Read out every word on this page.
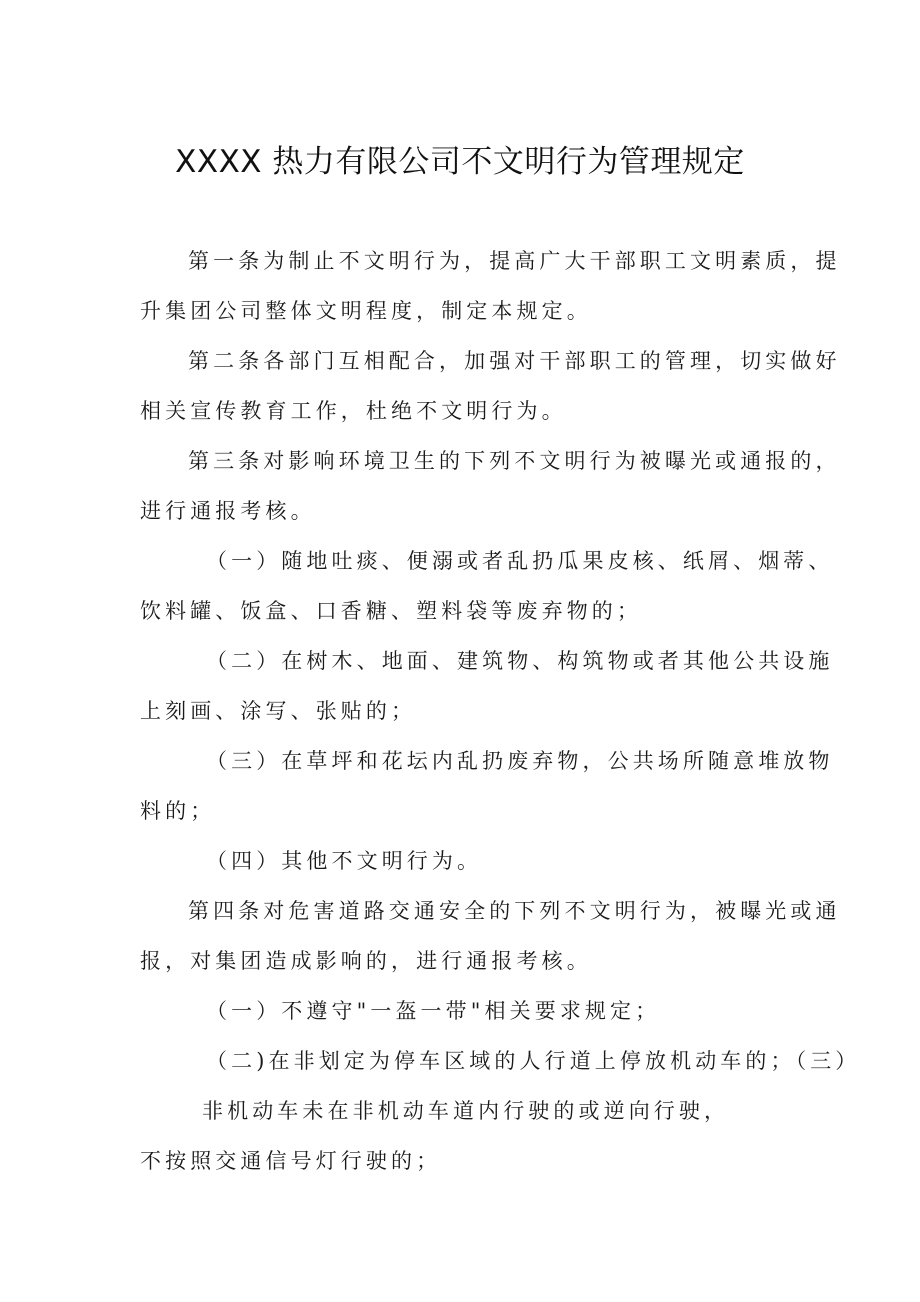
XXXX 热力有限公司不文明行为管理规定

第一条为制止不文明行为，提高广大干部职工文明素质，提

升集团公司整体文明程度，制定本规定。

第二条各部门互相配合，加强对干部职工的管理，切实做好

相关宣传教育工作，杜绝不文明行为。

第三条对影响环境卫生的下列不文明行为被曝光或通报的，

进行通报考核。

（一）随地吐痰、便溺或者乱扔瓜果皮核、纸屑、烟蒂、

饮料罐、饭盒、口香糖、塑料袋等废弃物的；

（二）在树木、地面、建筑物、构筑物或者其他公共设施

上刻画、涂写、张贴的；

（三）在草坪和花坛内乱扔废弃物，公共场所随意堆放物

料的；

（四）其他不文明行为。

第四条对危害道路交通安全的下列不文明行为，被曝光或通

报，对集团造成影响的，进行通报考核。

（一）不遵守"一盔一带"相关要求规定；

（二)在非划定为停车区域的人行道上停放机动车的；（三）

非机动车未在非机动车道内行驶的或逆向行驶，

不按照交通信号灯行驶的；
